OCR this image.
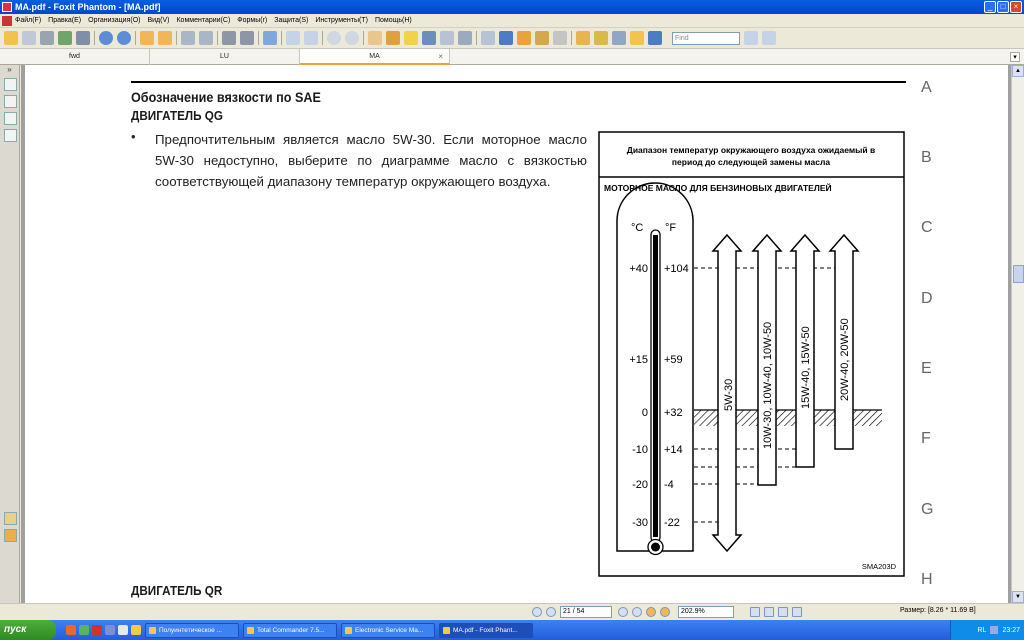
MA.pdf - Foxit Phantom - [MA.pdf]	_	□	×
Файл(F) Правка(E) Организация(O) Вид(V) Комментарии(C) Формы(r) Защита(S) Инструменты(T) Помощь(H)
Find
fwd	LU	MA	×	▾
»
Обозначение вязкости по SAE
ДВИГАТЕЛЬ QG
• Предпочтительным является масло 5W-30. Если моторное масло 5W-30 недоступно, выберите по диаграмме масло с вязкостью соответствующей диапазону температур окружающего воздуха.
ДВИГАТЕЛЬ QR
A
B
C
D
E
F
G
H
Диапазон температур окружающего воздуха ожидаемый в
период до следующей замены масла
МОТОРНОЕ МАСЛО ДЛЯ БЕНЗИНОВЫХ ДВИГАТЕЛЕЙ
°C °F
+40
+15
0
-10
-20
-30
+104
+59
+32
+14
-4
-22
5W-30 10W-30, 10W-40, 10W-50 15W-40, 15W-50 20W-40, 20W-50
SMA203D
▲
▼
21 / 54	202.9%	Размер: [8.26 * 11.69 B]
пуск	Полуинтетическое ...	Total Commander 7.5...	Electronic Service Ma...	MA.pdf - Foxit Phant...	RL 23:27
